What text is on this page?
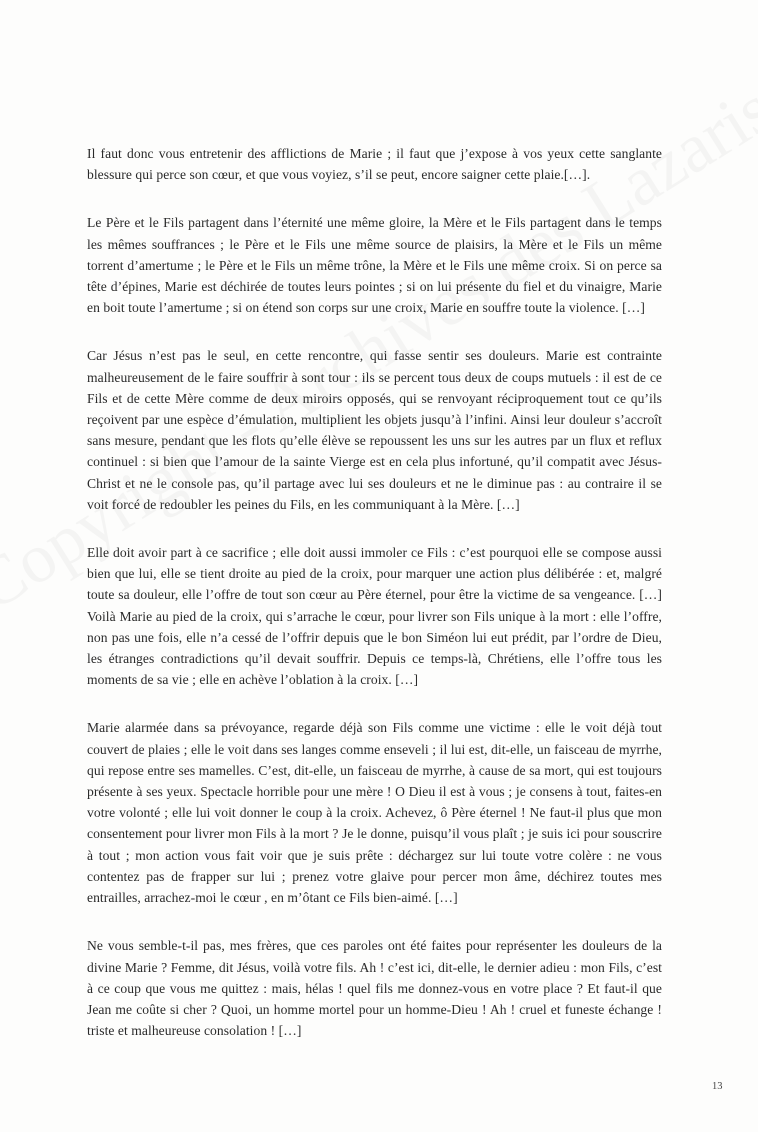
Il faut donc vous entretenir des afflictions de Marie ; il faut que j’expose à vos yeux cette sanglante blessure qui perce son cœur, et que vous voyiez, s’il se peut, encore saigner cette plaie.[…].

Le Père et le Fils partagent dans l’éternité une même gloire, la Mère et le Fils partagent dans le temps les mêmes souffrances ; le Père et le Fils une même source de plaisirs, la Mère et le Fils un même torrent d’amertume ; le Père et le Fils un même trône, la Mère et le Fils une même croix. Si on perce sa tête d’épines, Marie est déchirée de toutes leurs pointes ; si on lui présente du fiel et du vinaigre, Marie en boit toute l’amertume ; si on étend son corps sur une croix, Marie en souffre toute la violence. […]

Car Jésus n’est pas le seul, en cette rencontre, qui fasse sentir ses douleurs. Marie est contrainte malheureusement de le faire souffrir à sont tour : ils se percent tous deux de coups mutuels : il est de ce Fils et de cette Mère comme de deux miroirs opposés, qui se renvoyant réciproquement tout ce qu’ils reçoivent par une espèce d’émulation, multiplient les objets jusqu’à l’infini. Ainsi leur douleur s’accroît sans mesure, pendant que les flots qu’elle élève se repoussent les uns sur les autres par un flux et reflux continuel : si bien que l’amour de la sainte Vierge est en cela plus infortuné, qu’il compatit avec Jésus-Christ et ne le console pas, qu’il partage avec lui ses douleurs et ne le diminue pas : au contraire il se voit forcé de redoubler les peines du Fils, en les communiquant à la Mère. […]

Elle doit avoir part à ce sacrifice ; elle doit aussi immoler ce Fils : c’est pourquoi elle se compose aussi bien que lui, elle se tient droite au pied de la croix, pour marquer une action plus délibérée : et, malgré toute sa douleur, elle l’offre de tout son cœur au Père éternel, pour être la victime de sa vengeance. […] Voilà Marie au pied de la croix, qui s’arrache le cœur, pour livrer son Fils unique à la mort : elle l’offre, non pas une fois, elle n’a cessé de l’offrir depuis que le bon Siméon lui eut prédit, par l’ordre de Dieu, les étranges contradictions qu’il devait souffrir. Depuis ce temps-là, Chrétiens, elle l’offre tous les moments de sa vie ; elle en achève l’oblation à la croix. […]

Marie alarmée dans sa prévoyance, regarde déjà son Fils comme une victime : elle le voit déjà tout couvert de plaies ; elle le voit dans ses langes comme enseveli ; il lui est, dit-elle, un faisceau de myrrhe, qui repose entre ses mamelles. C’est, dit-elle, un faisceau de myrrhe, à cause de sa mort, qui est toujours présente à ses yeux. Spectacle horrible pour une mère ! O Dieu il est à vous ; je consens à tout, faites-en votre volonté ; elle lui voit donner le coup à la croix. Achevez, ô Père éternel ! Ne faut-il plus que mon consentement pour livrer mon Fils à la mort ? Je le donne, puisqu’il vous plaît ; je suis ici pour souscrire à tout ; mon action vous fait voir que je suis prête : déchargez sur lui toute votre colère : ne vous contentez pas de frapper sur lui ; prenez votre glaive pour percer mon âme, déchirez toutes mes entrailles, arrachez-moi le cœur , en m’ôtant ce Fils bien-aimé. […]

Ne vous semble-t-il pas, mes frères, que ces paroles ont été faites pour représenter les douleurs de la divine Marie ? Femme, dit Jésus, voilà votre fils. Ah ! c’est ici, dit-elle, le dernier adieu : mon Fils, c’est à ce coup que vous me quittez : mais, hélas ! quel fils me donnez-vous en votre place ? Et faut-il que Jean me coûte si cher ? Quoi, un homme mortel pour un homme-Dieu ! Ah ! cruel et funeste échange ! triste et malheureuse consolation ! […]

13
